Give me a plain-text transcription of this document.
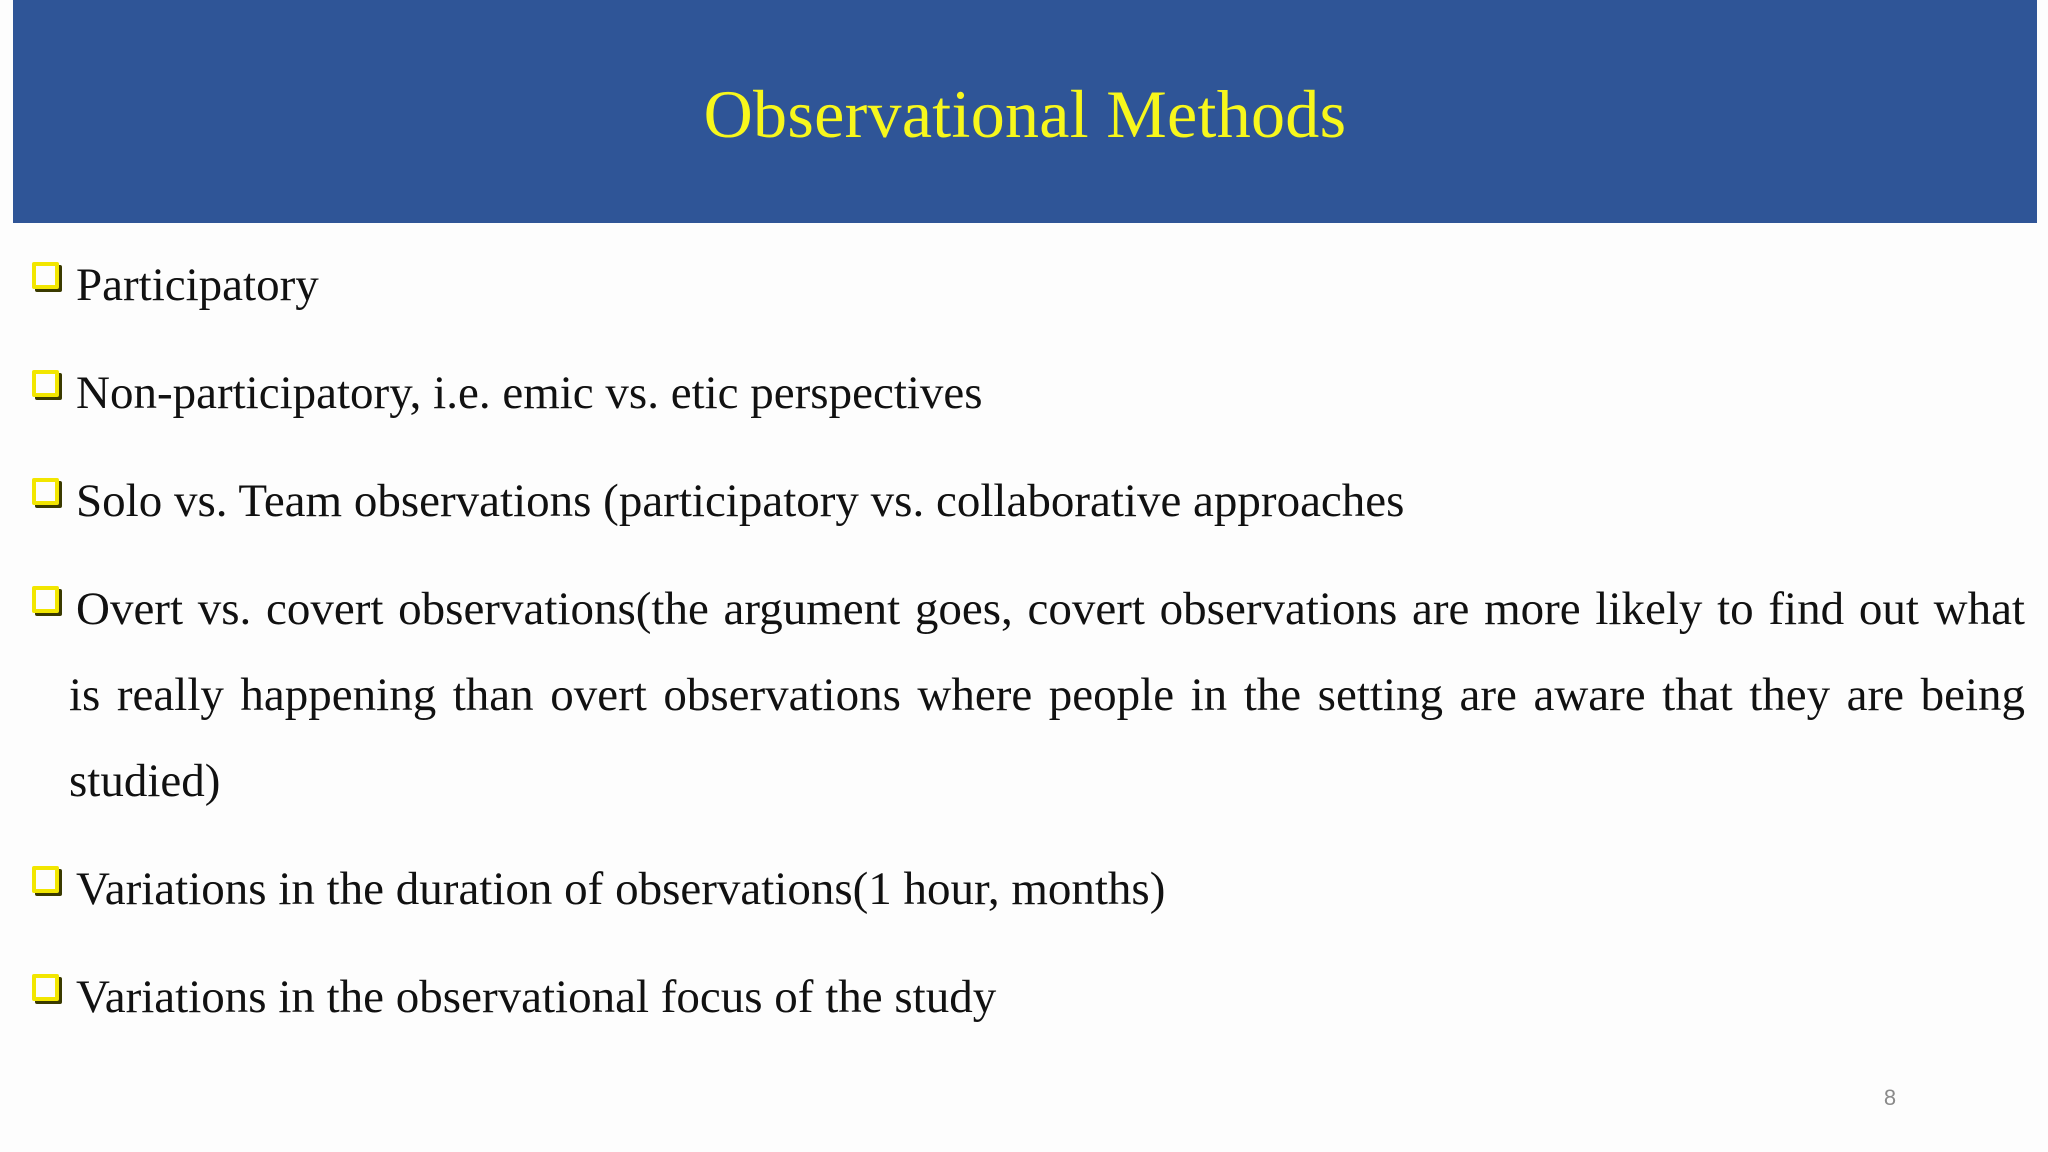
Observational Methods
Participatory
Non-participatory, i.e. emic vs. etic perspectives
Solo vs. Team observations (participatory vs. collaborative approaches
Overt vs. covert observations(the argument goes, covert observations are more likely to find out what is really happening than overt observations where people in the setting are aware that they are being studied)
Variations in the duration of observations(1 hour, months)
Variations in the observational focus of the study
8
